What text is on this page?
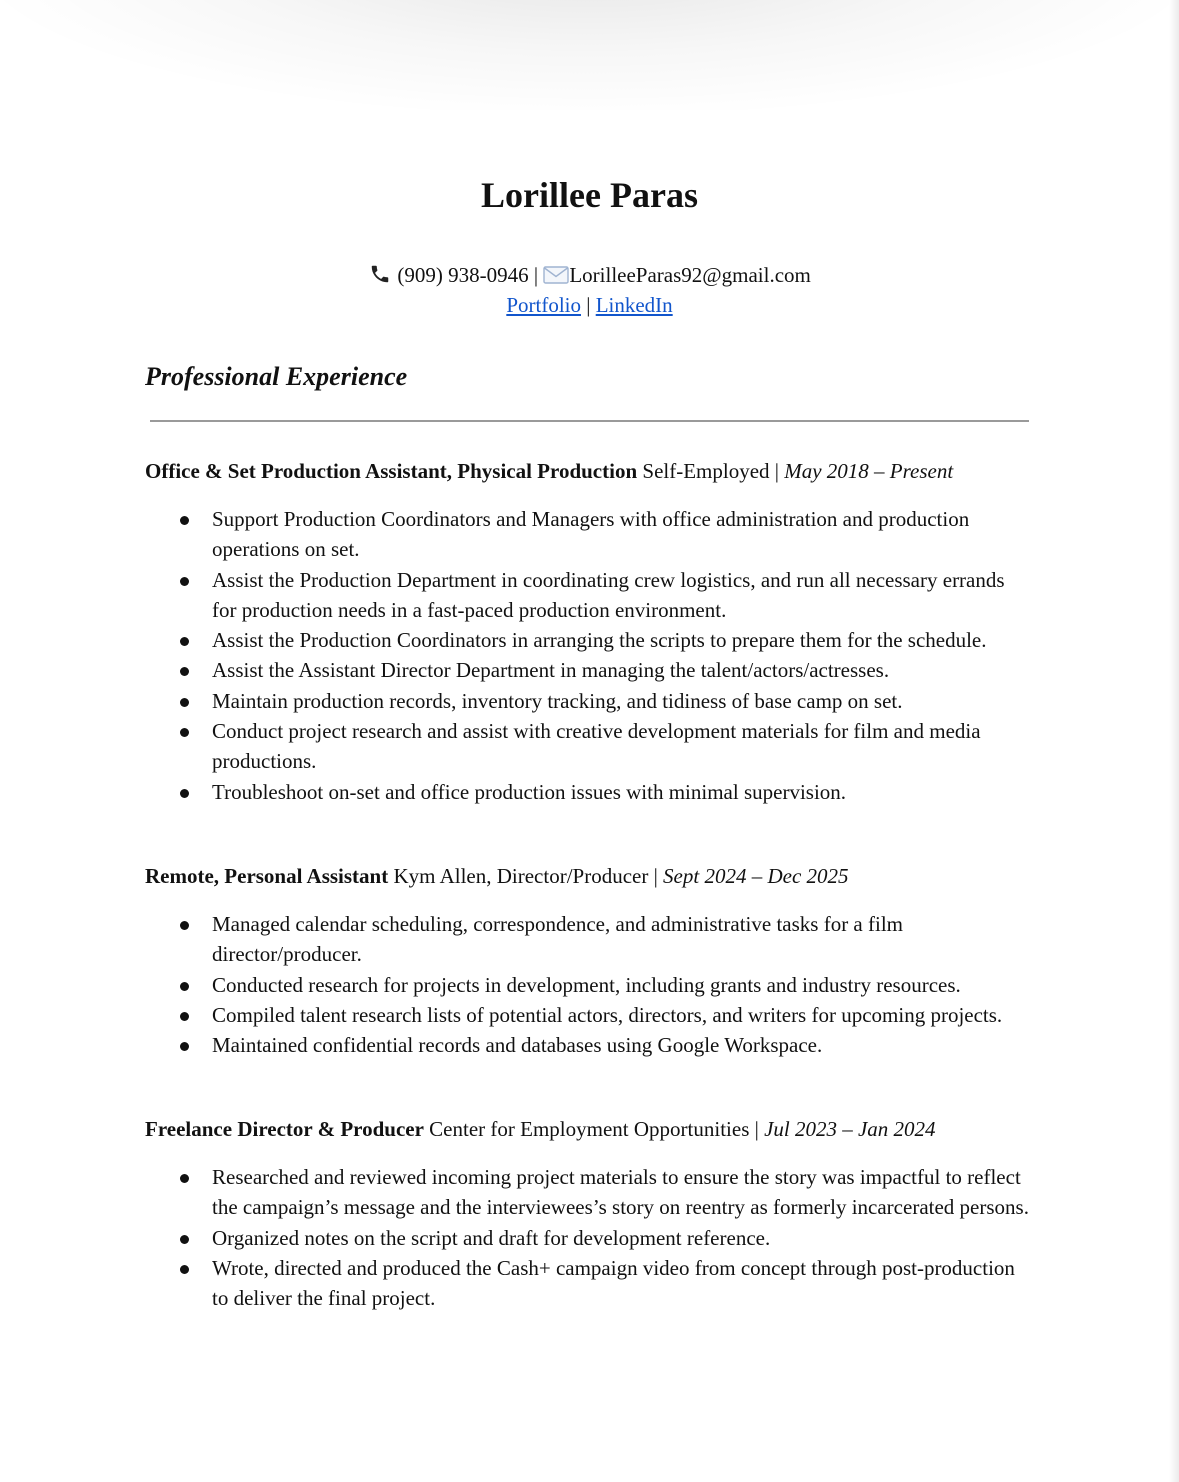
Lorillee Paras
(909) 938-0946 | LorilleeParas92@gmail.com
Portfolio | LinkedIn
Professional Experience

Office & Set Production Assistant, Physical Production Self-Employed | May 2018 – Present

Support Production Coordinators and Managers with office administration and production operations on set.
Assist the Production Department in coordinating crew logistics, and run all necessary errands for production needs in a fast-paced production environment.
Assist the Production Coordinators in arranging the scripts to prepare them for the schedule.
Assist the Assistant Director Department in managing the talent/actors/actresses.
Maintain production records, inventory tracking, and tidiness of base camp on set.
Conduct project research and assist with creative development materials for film and media productions.
Troubleshoot on-set and office production issues with minimal supervision.

Remote, Personal Assistant Kym Allen, Director/Producer | Sept 2024 – Dec 2025

Managed calendar scheduling, correspondence, and administrative tasks for a film director/producer.
Conducted research for projects in development, including grants and industry resources.
Compiled talent research lists of potential actors, directors, and writers for upcoming projects.
Maintained confidential records and databases using Google Workspace.

Freelance Director & Producer Center for Employment Opportunities | Jul 2023 – Jan 2024

Researched and reviewed incoming project materials to ensure the story was impactful to reflect the campaign’s message and the interviewees’s story on reentry as formerly incarcerated persons.
Organized notes on the script and draft for development reference.
Wrote, directed and produced the Cash+ campaign video from concept through post-production to deliver the final project.
